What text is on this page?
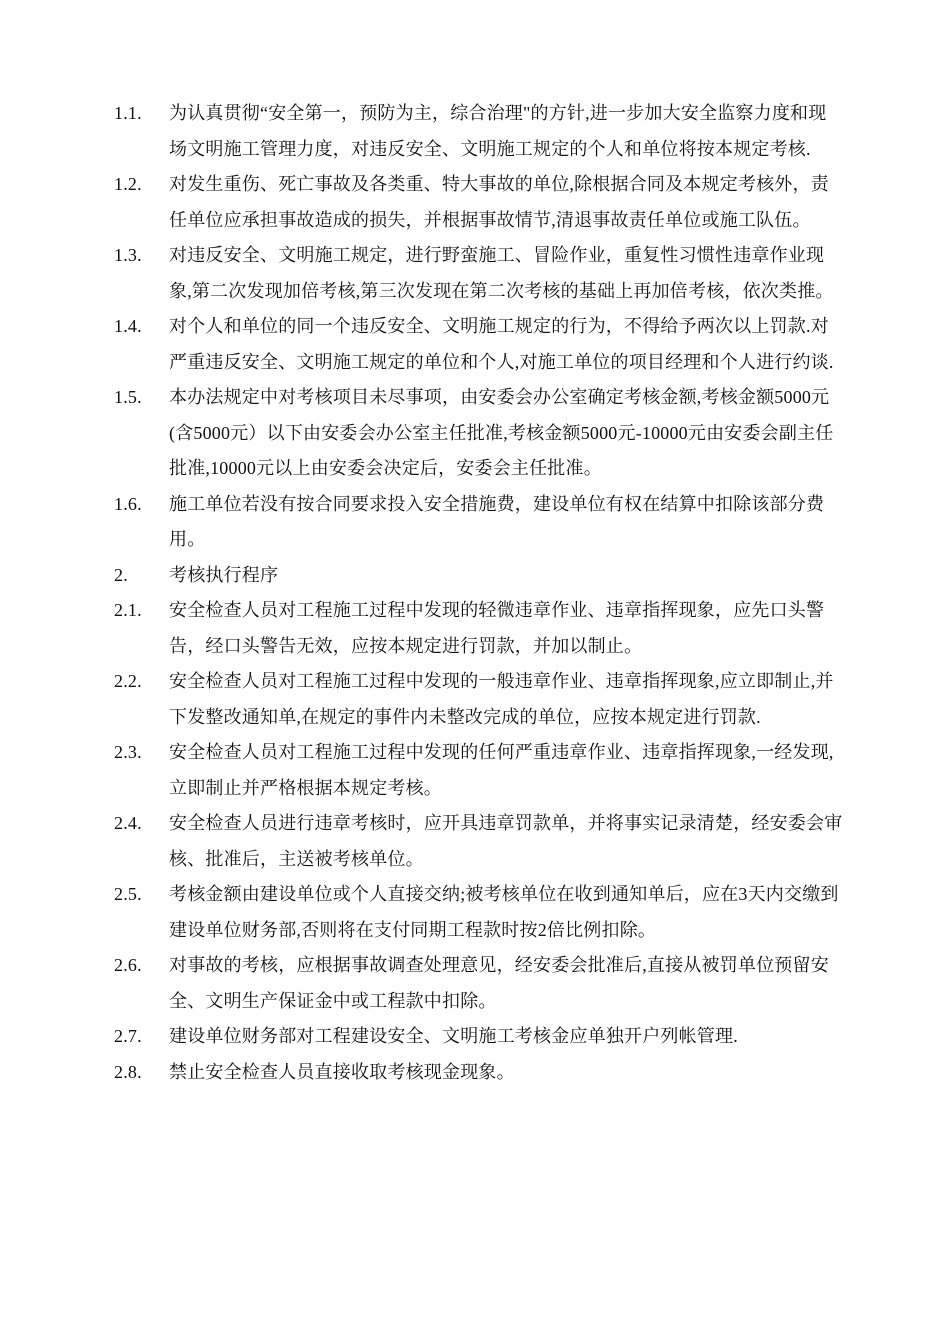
1.1.	为认真贯彻“安全第一，预防为主，综合治理"的方针,进一步加大安全监察力度和现场文明施工管理力度，对违反安全、文明施工规定的个人和单位将按本规定考核.
1.2.	对发生重伤、死亡事故及各类重、特大事故的单位,除根据合同及本规定考核外，责任单位应承担事故造成的损失，并根据事故情节,清退事故责任单位或施工队伍。
1.3.	对违反安全、文明施工规定，进行野蛮施工、冒险作业，重复性习惯性违章作业现象,第二次发现加倍考核,第三次发现在第二次考核的基础上再加倍考核，依次类推。
1.4.	对个人和单位的同一个违反安全、文明施工规定的行为，不得给予两次以上罚款.对严重违反安全、文明施工规定的单位和个人,对施工单位的项目经理和个人进行约谈.
1.5.	本办法规定中对考核项目未尽事项，由安委会办公室确定考核金额,考核金额5000元(含5000元）以下由安委会办公室主任批准,考核金额5000元-10000元由安委会副主任批准,10000元以上由安委会决定后，安委会主任批准。
1.6.	施工单位若没有按合同要求投入安全措施费，建设单位有权在结算中扣除该部分费用。
2.	考核执行程序
2.1.	安全检查人员对工程施工过程中发现的轻微违章作业、违章指挥现象，应先口头警告，经口头警告无效，应按本规定进行罚款，并加以制止。
2.2.	安全检查人员对工程施工过程中发现的一般违章作业、违章指挥现象,应立即制止,并下发整改通知单,在规定的事件内未整改完成的单位，应按本规定进行罚款.
2.3.	安全检查人员对工程施工过程中发现的任何严重违章作业、违章指挥现象,一经发现,立即制止并严格根据本规定考核。
2.4.	安全检查人员进行违章考核时，应开具违章罚款单，并将事实记录清楚，经安委会审核、批准后，主送被考核单位。
2.5.	考核金额由建设单位或个人直接交纳;被考核单位在收到通知单后，应在3天内交缴到建设单位财务部,否则将在支付同期工程款时按2倍比例扣除。
2.6.	对事故的考核，应根据事故调查处理意见，经安委会批准后,直接从被罚单位预留安全、文明生产保证金中或工程款中扣除。
2.7.	建设单位财务部对工程建设安全、文明施工考核金应单独开户列帐管理.
2.8.	禁止安全检查人员直接收取考核现金现象。
